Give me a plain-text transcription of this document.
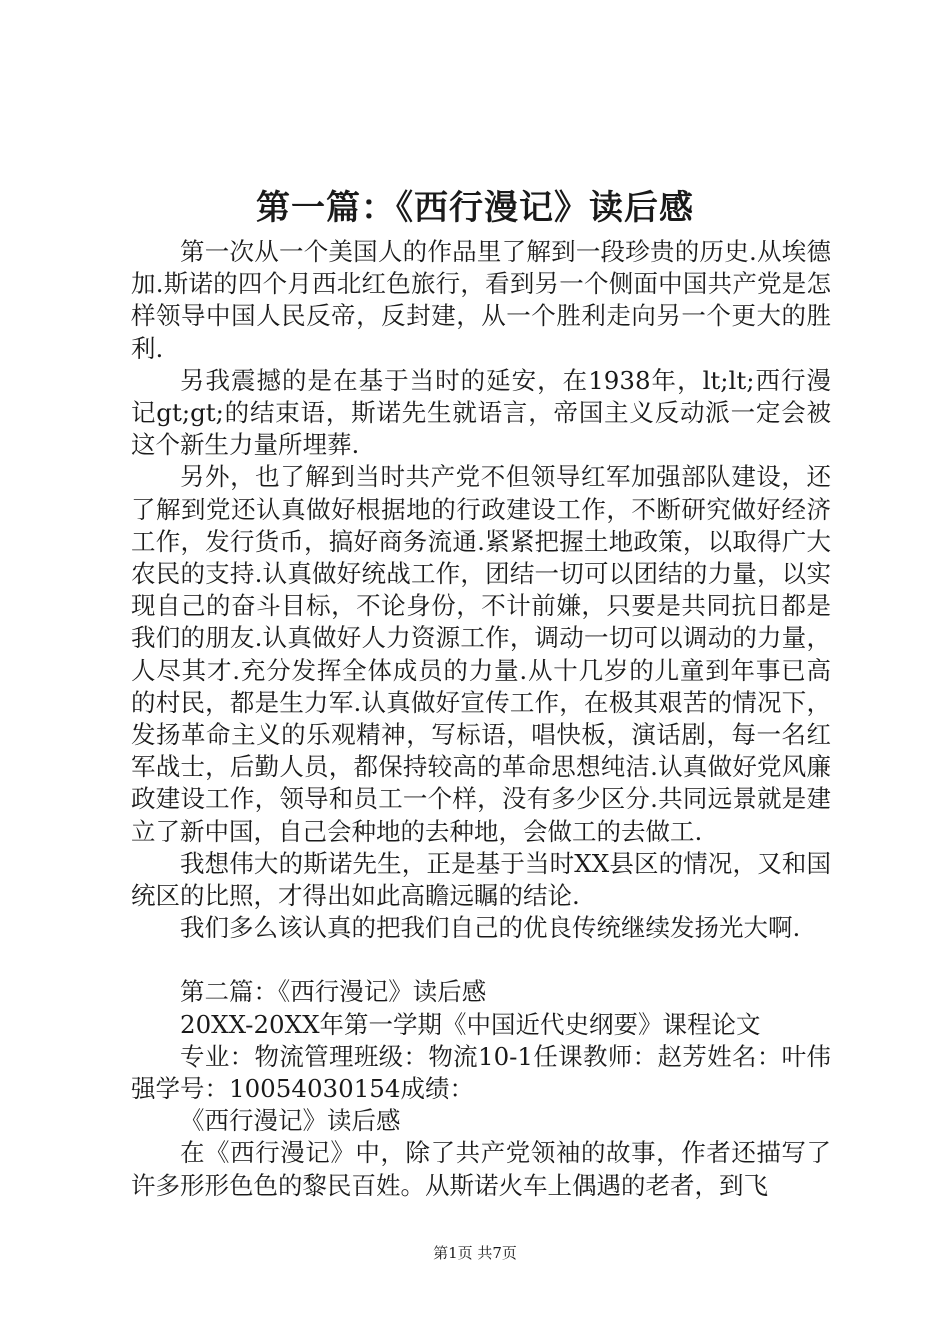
第一篇：《西行漫记》读后感

第一次从一个美国人的作品里了解到一段珍贵的历史.从埃德加.斯诺的四个月西北红色旅行，看到另一个侧面中国共产党是怎样领导中国人民反帝，反封建，从一个胜利走向另一个更大的胜利.

另我震撼的是在基于当时的延安，在1938年，lt;lt;西行漫记gt;gt;的结束语，斯诺先生就语言，帝国主义反动派一定会被这个新生力量所埋葬.

另外，也了解到当时共产党不但领导红军加强部队建设，还了解到党还认真做好根据地的行政建设工作，不断研究做好经济工作，发行货币，搞好商务流通.紧紧把握土地政策，以取得广大农民的支持.认真做好统战工作，团结一切可以团结的力量，以实现自己的奋斗目标，不论身份，不计前嫌，只要是共同抗日都是我们的朋友.认真做好人力资源工作，调动一切可以调动的力量，人尽其才.充分发挥全体成员的力量.从十几岁的儿童到年事已高的村民，都是生力军.认真做好宣传工作，在极其艰苦的情况下，发扬革命主义的乐观精神，写标语，唱快板，演话剧，每一名红军战士，后勤人员，都保持较高的革命思想纯洁.认真做好党风廉政建设工作，领导和员工一个样，没有多少区分.共同远景就是建立了新中国，自己会种地的去种地，会做工的去做工.

我想伟大的斯诺先生，正是基于当时XX县区的情况，又和国统区的比照，才得出如此高瞻远瞩的结论.

我们多么该认真的把我们自己的优良传统继续发扬光大啊.

第二篇：《西行漫记》读后感

20XX-20XX年第一学期《中国近代史纲要》课程论文

专业：物流管理班级：物流10-1任课教师：赵芳姓名：叶伟强学号：10054030154成绩：

《西行漫记》读后感

在《西行漫记》中，除了共产党领袖的故事，作者还描写了许多形形色色的黎民百姓。从斯诺火车上偶遇的老者，到飞

第1页 共7页
